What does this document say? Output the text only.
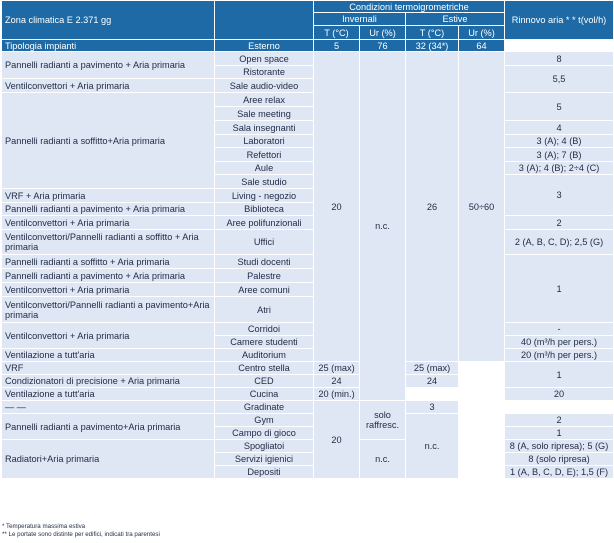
Zona climatica E 2.371 gg		Condizioni termoigrometriche				Rinnovo aria * * t(vol/h)
		Invernali		Estive		
		T (°C)	Ur (%)	T (°C)	Ur (%)	
Tipologia impianti	Esterno	5	76	32 (34*)	64	
Pannelli radianti a pavimento + Aria primaria	Open space	20	n.c.	26	50÷60	8
	Ristorante					5,5
Ventilconvettori + Aria primaria	Sale audio-video					
Pannelli radianti a soffitto+Aria primaria	Aree relax					5
	Sale meeting					
	Sala insegnanti					4
	Laboratori					3 (A); 4 (B)
	Refettori					3 (A); 7 (B)
	Aule					3 (A); 4 (B); 2÷4 (C)
	Sale studio					3
VRF + Aria primaria	Living - negozio					
Pannelli radianti a pavimento + Aria primaria	Biblioteca					
Ventilconvettori + Aria primaria	Aree polifunzionali					2
Ventilconvettori/Pannelli radianti a soffitto + Aria primaria	Uffici					2 (A, B, C, D); 2,5 (G)
Pannelli radianti a soffitto + Aria primaria	Studi docenti					1
Pannelli radianti a pavimento + Aria primaria	Palestre					
Ventilconvettori + Aria primaria	Aree comuni					
Ventilconvettori/Pannelli radianti a pavimento+Aria primaria	Atri					
Ventilconvettori + Aria primaria	Corridoi					-
	Camere studenti					40 (m³/h per pers.)
Ventilazione a tutt'aria	Auditorium					20 (m³/h per pers.)
VRF	Centro stella	25 (max)		25 (max)		1
Condizionatori di precisione + Aria primaria	CED	24		24		
Ventilazione a tutt'aria	Cucina	20 (min.)				20
— —	Gradinate	20	solo raffresc.	3		
Pannelli radianti a pavimento+Aria primaria	Gym			n.c.		2
	Campo di gioco					1
Radiatori+Aria primaria	Spogliatoi		n.c.			8 (A, solo ripresa); 5 (G)
	Servizi igienici					8 (solo ripresa)
	Depositi					1 (A, B, C, D, E); 1,5 (F)
* Temperatura massima estiva
** Le portate sono distinte per edifici, indicati tra parentesi
